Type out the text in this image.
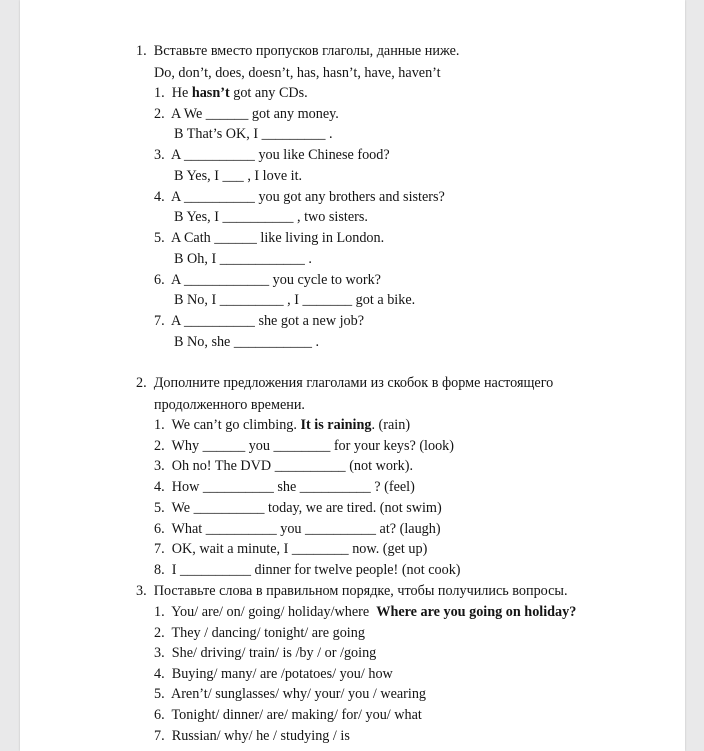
1.  Вставьте вместо пропусков глаголы, данные ниже.
Do, don’t, does, doesn’t, has, hasn’t, have, haven’t
1.  He hasn’t got any CDs.
2.  A We ______ got any money.
B That’s OK, I _________ .
3.  A __________ you like Chinese food?
B Yes, I ___ , I love it.
4.  A __________ you got any brothers and sisters?
B Yes, I __________ , two sisters.
5.  A Cath ______ like living in London.
B Oh, I ____________ .
6.  A ____________ you cycle to work?
B No, I _________ , I _______ got a bike.
7.  A __________ she got a new job?
B No, she ___________ .
2.  Дополните предложения глаголами из скобок в форме настоящего
продолженного времени.
1.  We can’t go climbing. It is raining. (rain)
2.  Why ______ you ________ for your keys? (look)
3.  Oh no! The DVD __________ (not work).
4.  How __________ she __________ ? (feel)
5.  We __________ today, we are tired. (not swim)
6.  What __________ you __________ at? (laugh)
7.  OK, wait a minute, I ________ now. (get up)
8.  I __________ dinner for twelve people! (not cook)
3.  Поставьте слова в правильном порядке, чтобы получились вопросы.
1.  You/ are/ on/ going/ holiday/where  Where are you going on holiday?
2.  They / dancing/ tonight/ are going
3.  She/ driving/ train/ is /by / or /going
4.  Buying/ many/ are /potatoes/ you/ how
5.  Aren’t/ sunglasses/ why/ your/ you / wearing
6.  Tonight/ dinner/ are/ making/ for/ you/ what
7.  Russian/ why/ he / studying / is
